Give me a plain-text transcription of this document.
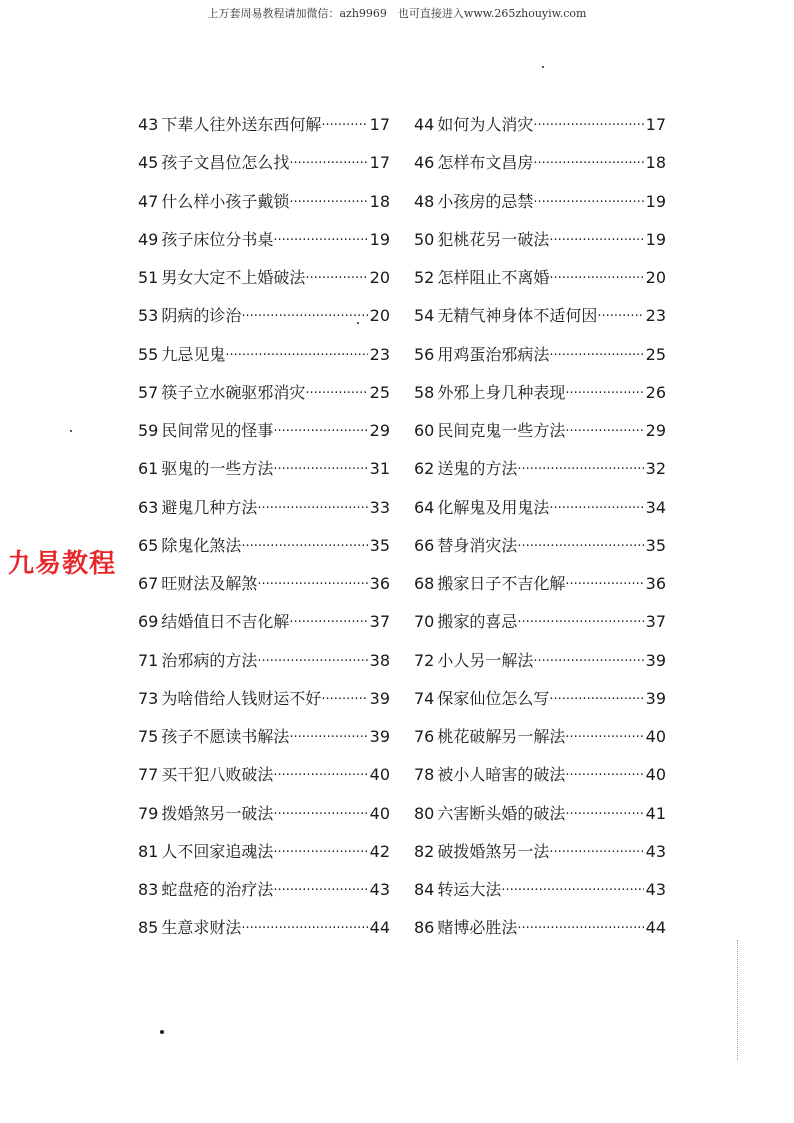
上万套周易教程请加微信：azh9969　也可直接进入www.265zhouyiw.com
九易教程
43 下辈人往外送东西何解 ·····	17 44 如何为人消灾 ·····	17
45 孩子文昌位怎么找 ·····	17 46 怎样布文昌房 ·····	18
47 什么样小孩子戴锁 ·····	18 48 小孩房的忌禁 ·····	19
49 孩子床位分书桌 ·····	19 50 犯桃花另一破法 ·····	19
51 男女大定不上婚破法 ·····	20 52 怎样阻止不离婚 ·····	20
53 阴病的诊治 ·····	20 54 无精气神身体不适何因 ·····	23
55 九忌见鬼 ·····	23 56 用鸡蛋治邪病法 ·····	25
57 筷子立水碗驱邪消灾 ·····	25 58 外邪上身几种表现 ·····	26
59 民间常见的怪事 ·····	29 60 民间克鬼一些方法 ·····	29
61 驱鬼的一些方法 ·····	31 62 送鬼的方法 ·····	32
63 避鬼几种方法 ·····	33 64 化解鬼及用鬼法 ·····	34
65 除鬼化煞法 ·····	35 66 替身消灾法 ·····	35
67 旺财法及解煞 ·····	36 68 搬家日子不吉化解 ·····	36
69 结婚值日不吉化解 ·····	37 70 搬家的喜忌 ·····	37
71 治邪病的方法 ·····	38 72 小人另一解法 ·····	39
73 为啥借给人钱财运不好 ·····	39 74 保家仙位怎么写 ·····	39
75 孩子不愿读书解法 ·····	39 76 桃花破解另一解法 ·····	40
77 买干犯八败破法 ·····	40 78 被小人暗害的破法 ·····	40
79 拨婚煞另一破法 ·····	40 80 六害断头婚的破法 ·····	41
81 人不回家追魂法 ·····	42 82 破拨婚煞另一法 ·····	43
83 蛇盘疮的治疗法 ·····	43 84 转运大法 ·····	43
85 生意求财法 ·····	44 86 赌博必胜法 ·····	44
